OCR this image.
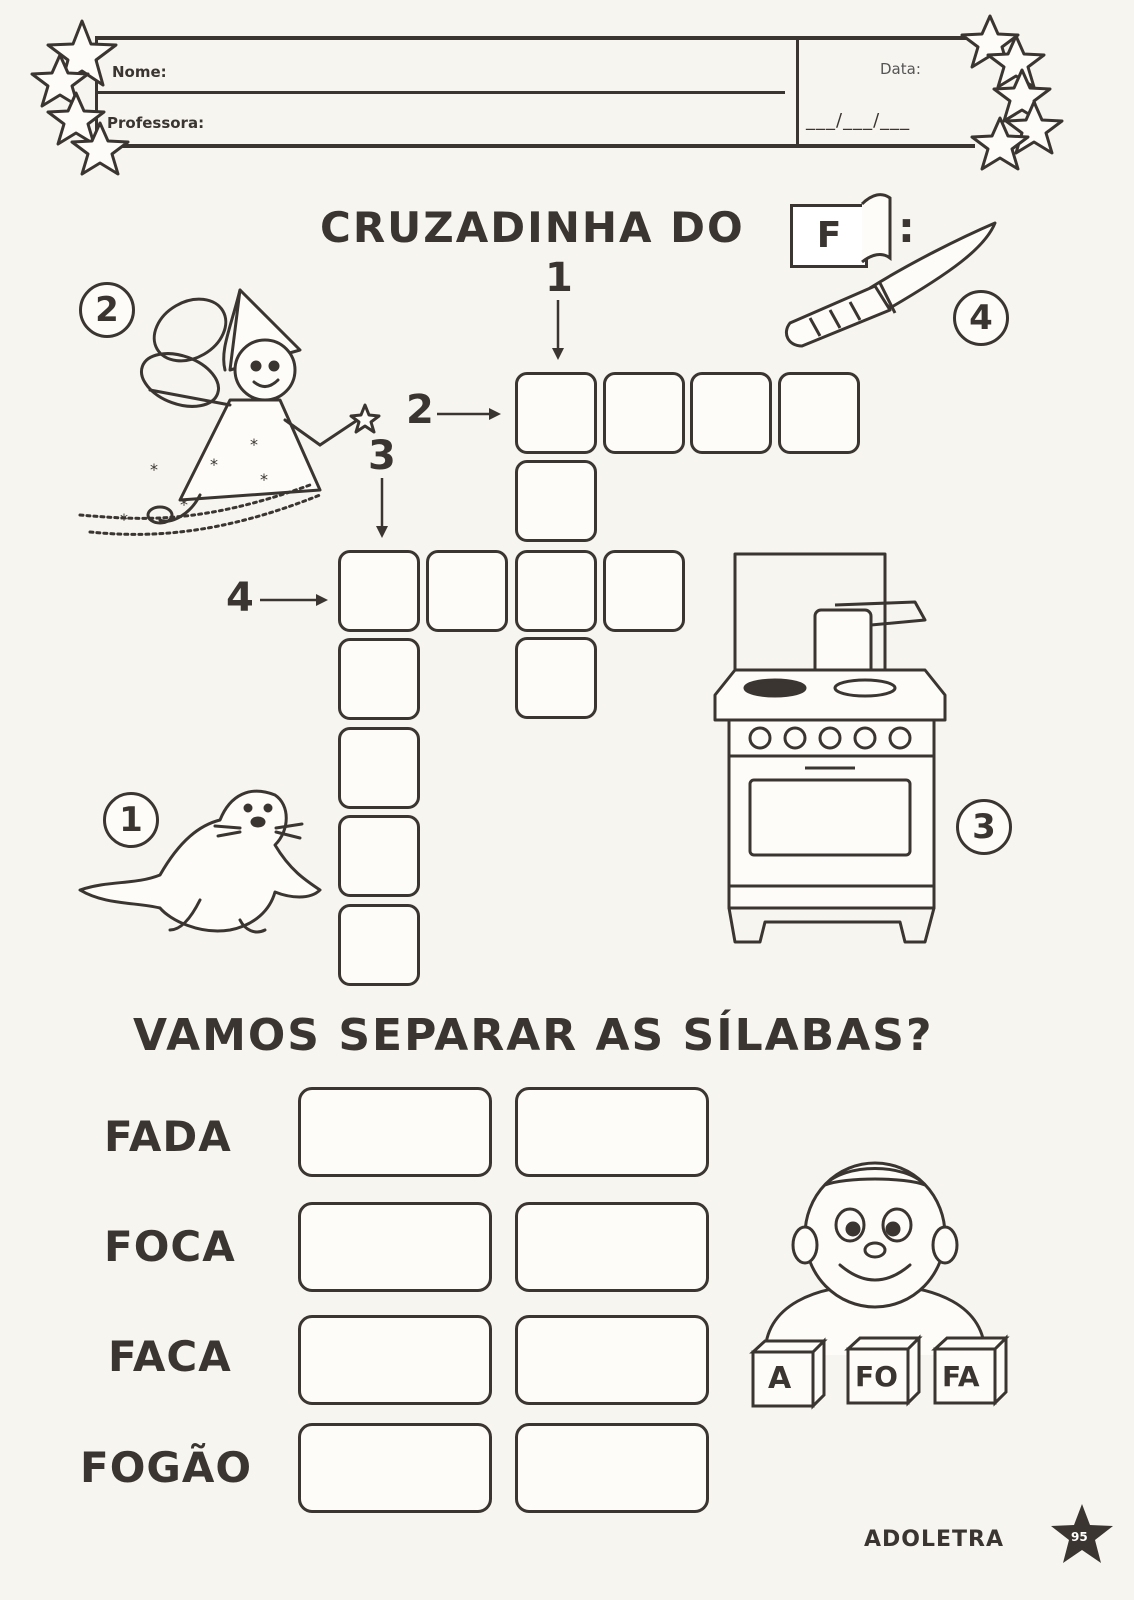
Nome:
Professora:
Data:
___/___/___
CRUZADINHA DO	F	:
2	4
1	3
*
*
*
*
*
*
1
2
3
4
VAMOS SEPARAR AS SÍLABAS?
FADA
FOCA
FACA
FOGÃO
A FO FA
ADOLETRA	95
